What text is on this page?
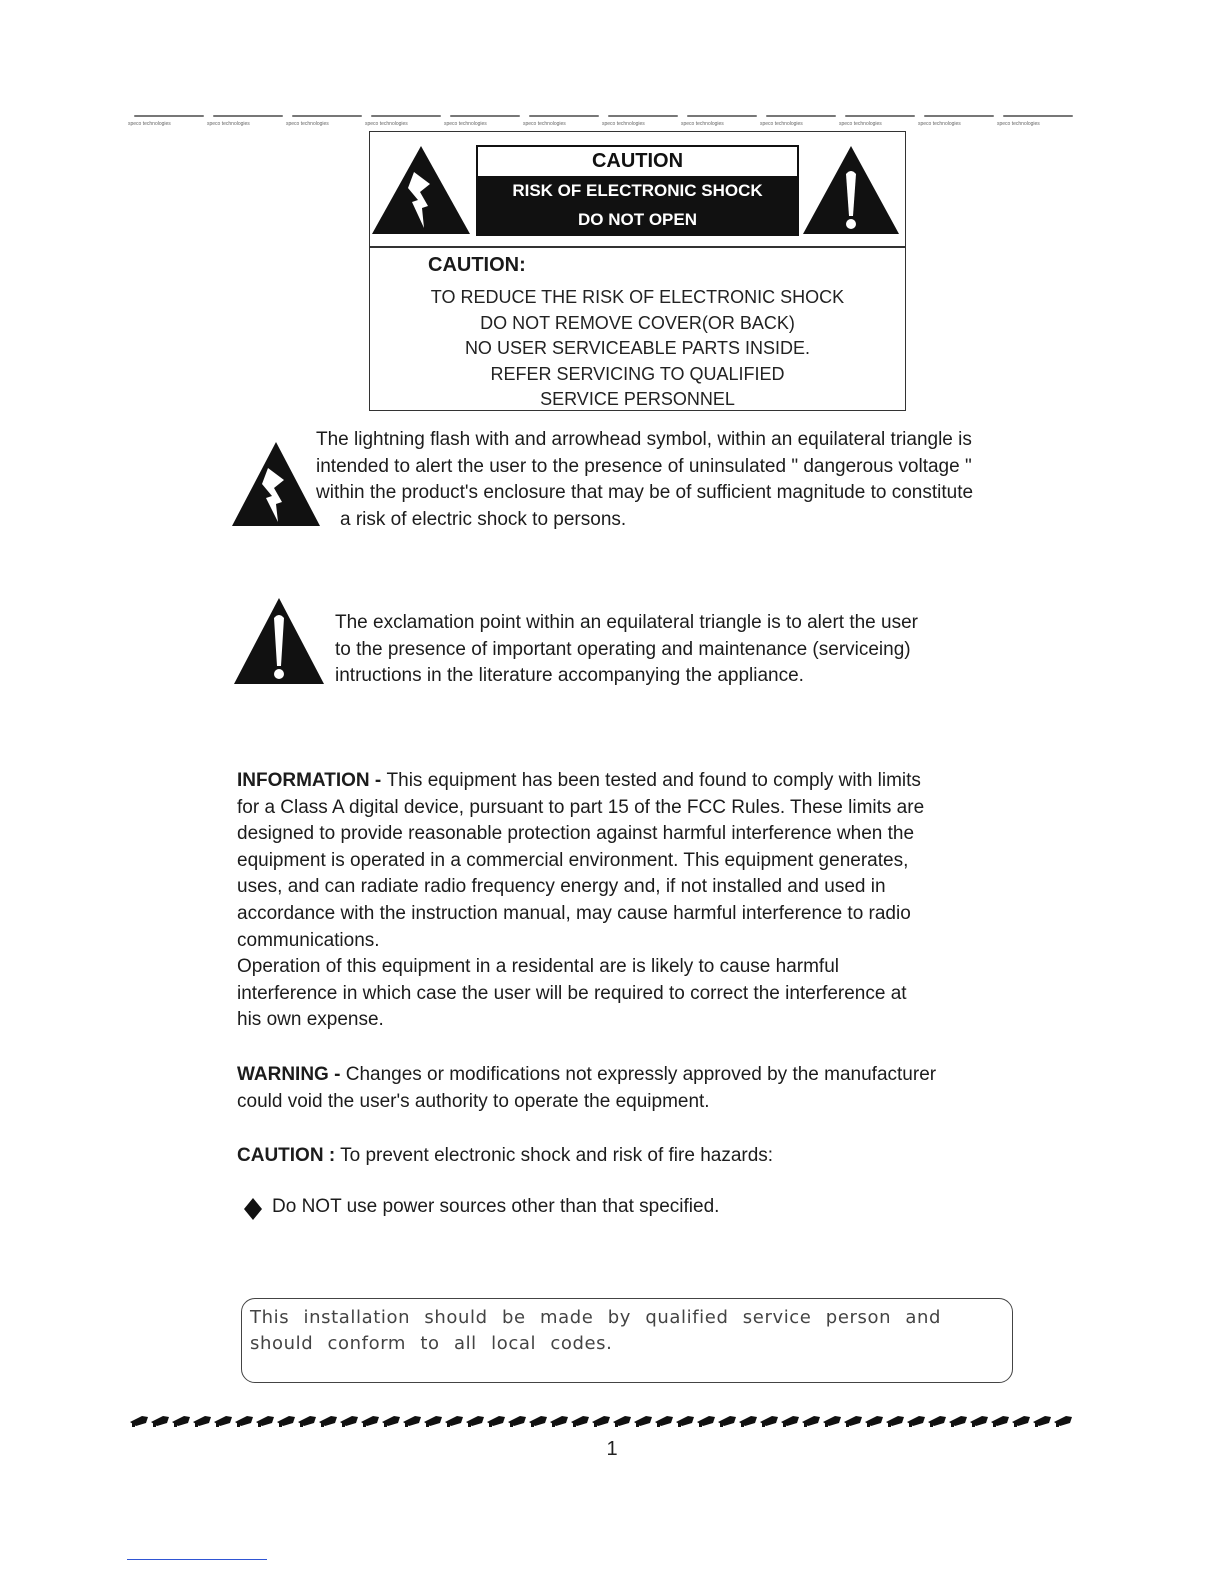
speco technologies
CAUTION
RISK OF ELECTRONIC SHOCK
DO NOT OPEN
CAUTION:
TO REDUCE THE RISK OF ELECTRONIC SHOCK
DO NOT REMOVE COVER(OR BACK)
NO USER SERVICEABLE PARTS INSIDE.
REFER SERVICING TO QUALIFIED
SERVICE PERSONNEL
The lightning flash with and arrowhead symbol, within an equilateral triangle is
intended to alert the user to the presence of uninsulated " dangerous voltage "
within the product's enclosure that may be of sufficient magnitude to constitute
a risk of electric shock to persons.
The exclamation point within an equilateral triangle is to alert the user
to the presence of important operating and maintenance (serviceing)
intructions in the literature accompanying the appliance.
INFORMATION - This equipment has been tested and found to comply with limits
for a Class A digital device, pursuant to part 15 of the FCC Rules. These limits are
designed to provide reasonable protection against harmful interference when the
equipment is operated in a commercial environment. This equipment generates,
uses, and can radiate radio frequency energy and, if not installed and used in
accordance with the instruction manual, may cause harmful interference to radio
communications.
Operation of this equipment in a residental are is likely to cause harmful
interference in which case the user will be required to correct the interference at
his own expense.
WARNING - Changes or modifications not expressly approved by the manufacturer
could void the user's authority to operate the equipment.
CAUTION : To prevent electronic shock and risk of fire hazards:
Do NOT use power sources other than that specified.
This installation should be made by qualified service person and
should conform to all local codes.
1
